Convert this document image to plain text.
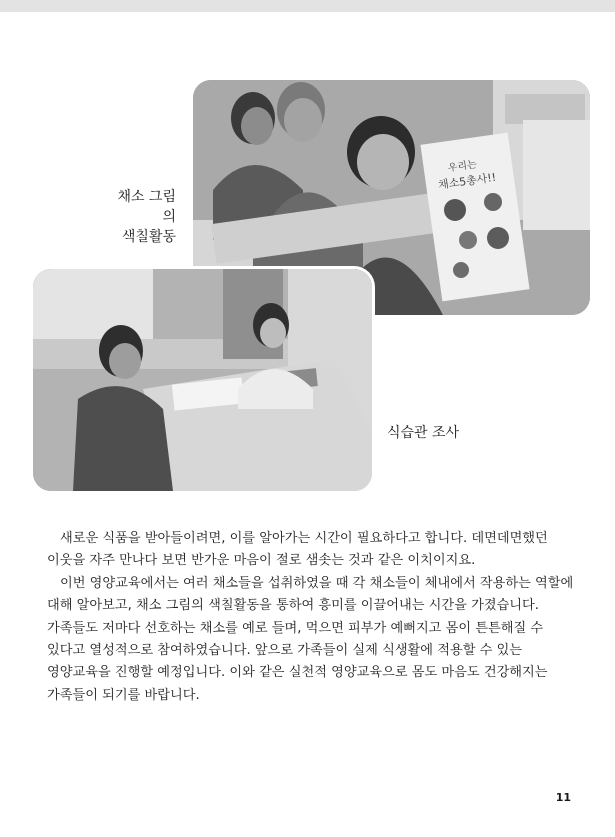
우리는
채소5총사!!
채소 그림의
색칠활동
식습관 조사

새로운 식품을 받아들이려면, 이를 알아가는 시간이 필요하다고 합니다. 데면데면했던 이웃을 자주 만나다 보면 반가운 마음이 절로 샘솟는 것과 같은 이치이지요.

이번 영양교육에서는 여러 채소들을 섭취하였을 때 각 채소들이 체내에서 작용하는 역할에 대해 알아보고, 채소 그림의 색칠활동을 통하여 흥미를 이끌어내는 시간을 가졌습니다. 가족들도 저마다 선호하는 채소를 예로 들며, 먹으면 피부가 예뻐지고 몸이 튼튼해질 수 있다고 열성적으로 참여하였습니다. 앞으로 가족들이 실제 식생활에 적용할 수 있는 영양교육을 진행할 예정입니다. 이와 같은 실천적 영양교육으로 몸도 마음도 건강해지는 가족들이 되기를 바랍니다.

11
